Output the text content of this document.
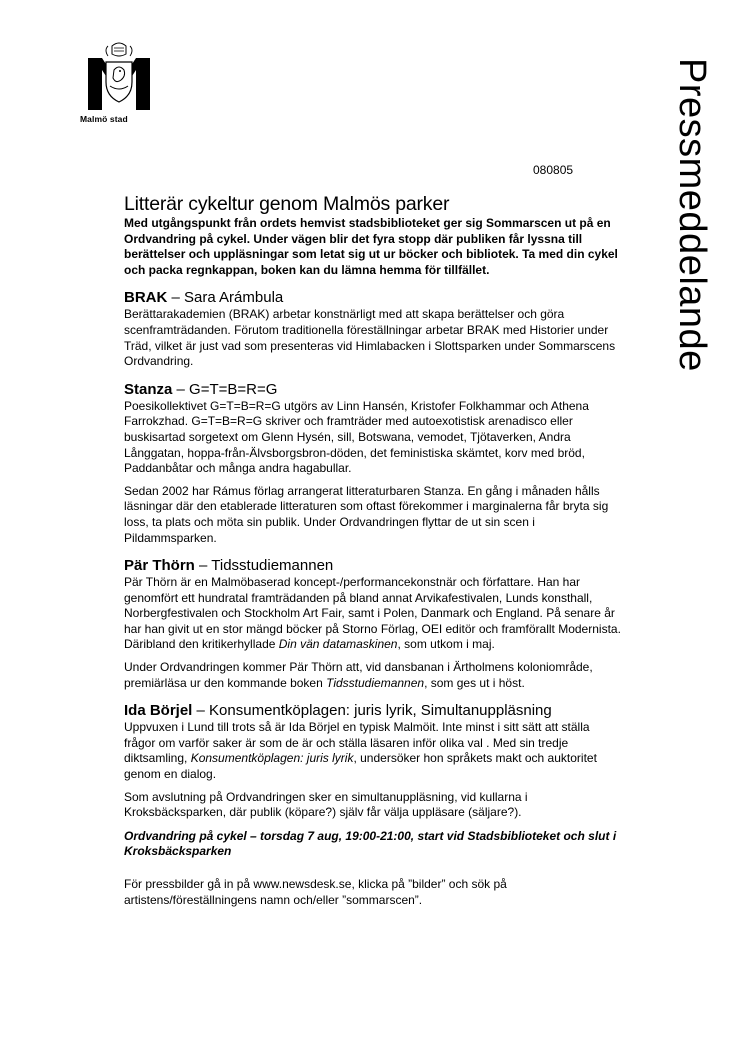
Malmö stad	Pressmeddelande
080805
Litterär cykeltur genom Malmös parker

Med utgångspunkt från ordets hemvist stadsbiblioteket ger sig Sommarscen ut på en Ordvandring på cykel. Under vägen blir det fyra stopp där publiken får lyssna till berättelser och uppläsningar som letat sig ut ur böcker och bibliotek. Ta med din cykel och packa regnkappan, boken kan du lämna hemma för tillfället.

BRAK – Sara Arámbula

Berättarakademien (BRAK) arbetar konstnärligt med att skapa berättelser och göra scenframträdanden. Förutom traditionella föreställningar arbetar BRAK med Historier under Träd, vilket är just vad som presenteras vid Himlabacken i Slottsparken under Sommarscens Ordvandring.

Stanza – G=T=B=R=G

Poesikollektivet G=T=B=R=G utgörs av Linn Hansén, Kristofer Folkhammar och Athena Farrokzhad. G=T=B=R=G skriver och framträder med autoexotistisk arenadisco eller buskisartad sorgetext om Glenn Hysén, sill, Botswana, vemodet, Tjötaverken, Andra Långgatan, hoppa-från-Älvsborgsbron-döden, det feministiska skämtet, korv med bröd, Paddanbåtar och många andra hagabullar.

Sedan 2002 har Rámus förlag arrangerat litteraturbaren Stanza. En gång i månaden hålls läsningar där den etablerade litteraturen som oftast förekommer i marginalerna får bryta sig loss, ta plats och möta sin publik. Under Ordvandringen flyttar de ut sin scen i Pildammsparken.

Pär Thörn – Tidsstudiemannen

Pär Thörn är en Malmöbaserad koncept-/performancekonstnär och författare. Han har genomfört ett hundratal framträdanden på bland annat Arvikafestivalen, Lunds konsthall, Norbergfestivalen och Stockholm Art Fair, samt i Polen, Danmark och England. På senare år har han givit ut en stor mängd böcker på Storno Förlag, OEI editör och framförallt Modernista. Däribland den kritikerhyllade Din vän datamaskinen, som utkom i maj.

Under Ordvandringen kommer Pär Thörn att, vid dansbanan i Ärtholmens koloniområde, premiärläsa ur den kommande boken Tidsstudiemannen, som ges ut i höst.

Ida Börjel – Konsumentköplagen: juris lyrik, Simultanuppläsning

Uppvuxen i Lund till trots så är Ida Börjel en typisk Malmöit. Inte minst i sitt sätt att ställa frågor om varför saker är som de är och ställa läsaren inför olika val . Med sin tredje diktsamling, Konsumentköplagen: juris lyrik, undersöker hon språkets makt och auktoritet genom en dialog.

Som avslutning på Ordvandringen sker en simultanuppläsning, vid kullarna i Kroksbäcksparken, där publik (köpare?) själv får välja uppläsare (säljare?).

Ordvandring på cykel – torsdag 7 aug, 19:00-21:00, start vid Stadsbiblioteket och slut i Kroksbäcksparken

För pressbilder gå in på www.newsdesk.se, klicka på ”bilder” och sök på artistens/föreställningens namn och/eller ”sommarscen”.
